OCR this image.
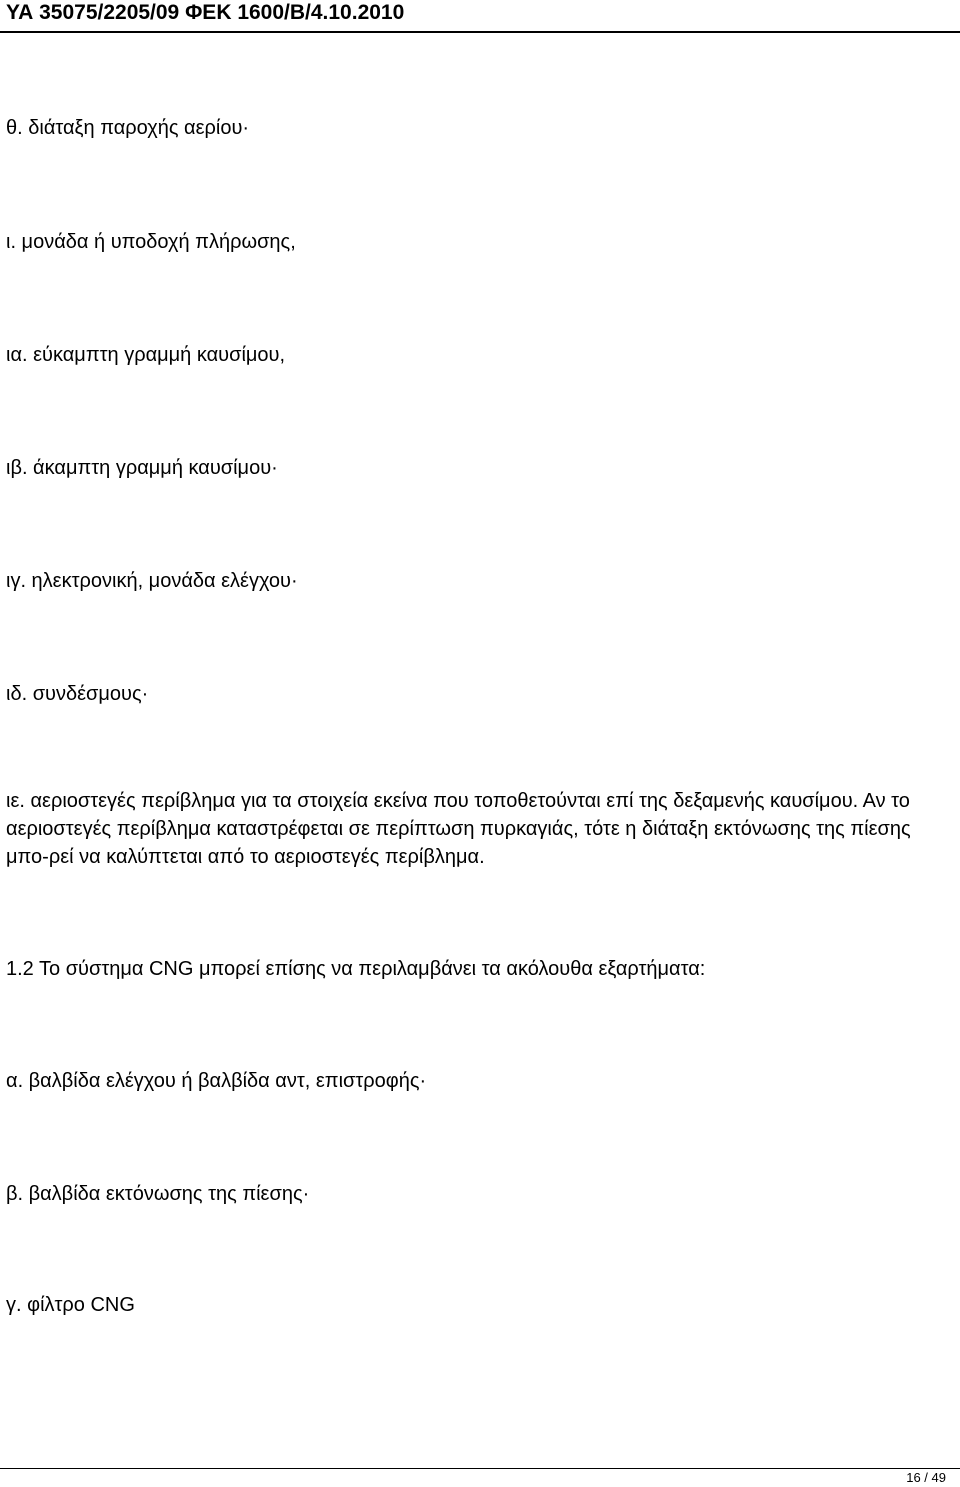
ΥΑ 35075/2205/09 ΦΕΚ 1600/Β/4.10.2010
θ. διάταξη παροχής αερίου·
ι. μονάδα ή υποδοχή πλήρωσης,
ια. εύκαμπτη γραμμή καυσίμου,
ιβ. άκαμπτη γραμμή καυσίμου·
ιγ. ηλεκτρονική, μονάδα ελέγχου·
ιδ. συνδέσμους·
ιε. αεριοστεγές περίβλημα για τα στοιχεία εκείνα που τοποθετούνται επί της δεξαμενής καυσίμου. Αν το αεριοστεγές περίβλημα καταστρέφεται σε περίπτωση πυρκαγιάς, τότε η διάταξη εκτόνωσης της πίεσης μπο-ρεί να καλύπτεται από το αεριοστεγές περίβλημα.
1.2 Το σύστημα CNG μπορεί επίσης να περιλαμβάνει τα ακόλουθα εξαρτήματα:
α. βαλβίδα ελέγχου ή βαλβίδα αντ, επιστροφής·
β. βαλβίδα εκτόνωσης της πίεσης·
γ. φίλτρο CNG
16 / 49
